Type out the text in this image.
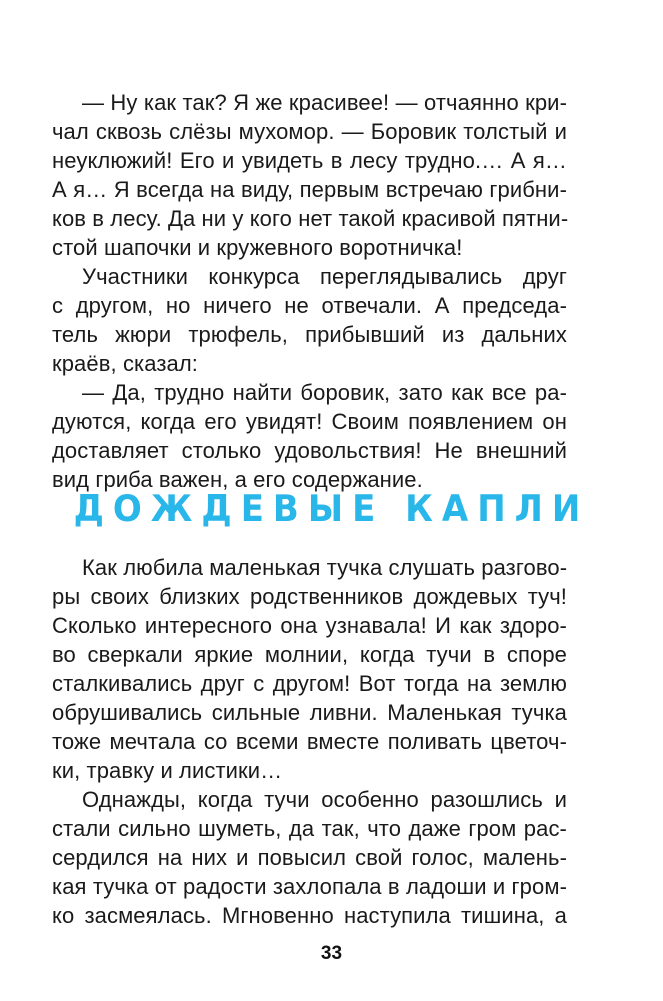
— Ну как так? Я же красивее! — отчаянно кри-
чал сквозь слёзы мухомор. — Боровик толстый и
неуклюжий! Его и увидеть в лесу трудно.… А я…
А я… Я всегда на виду, первым встречаю грибни-
ков в лесу. Да ни у кого нет такой красивой пятни-
стой шапочки и кружевного воротничка!
Участники конкурса переглядывались друг
с другом, но ничего не отвечали. А председа-
тель жюри трюфель, прибывший из дальних
краёв, сказал:
— Да, трудно найти боровик, зато как все ра-
дуются, когда его увидят! Своим появлением он
доставляет столько удовольствия! Не внешний
вид гриба важен, а его содержание.
ДОЖДЕВЫЕ КАПЛИ
Как любила маленькая тучка слушать разгово-
ры своих близких родственников дождевых туч!
Сколько интересного она узнавала! И как здоро-
во сверкали яркие молнии, когда тучи в споре
сталкивались друг с другом! Вот тогда на землю
обрушивались сильные ливни. Маленькая тучка
тоже мечтала со всеми вместе поливать цветоч-
ки, травку и листики…
Однажды, когда тучи особенно разошлись и
стали сильно шуметь, да так, что даже гром рас-
сердился на них и повысил свой голос, малень-
кая тучка от радости захлопала в ладоши и гром-
ко засмеялась. Мгновенно наступила тишина, а
33
